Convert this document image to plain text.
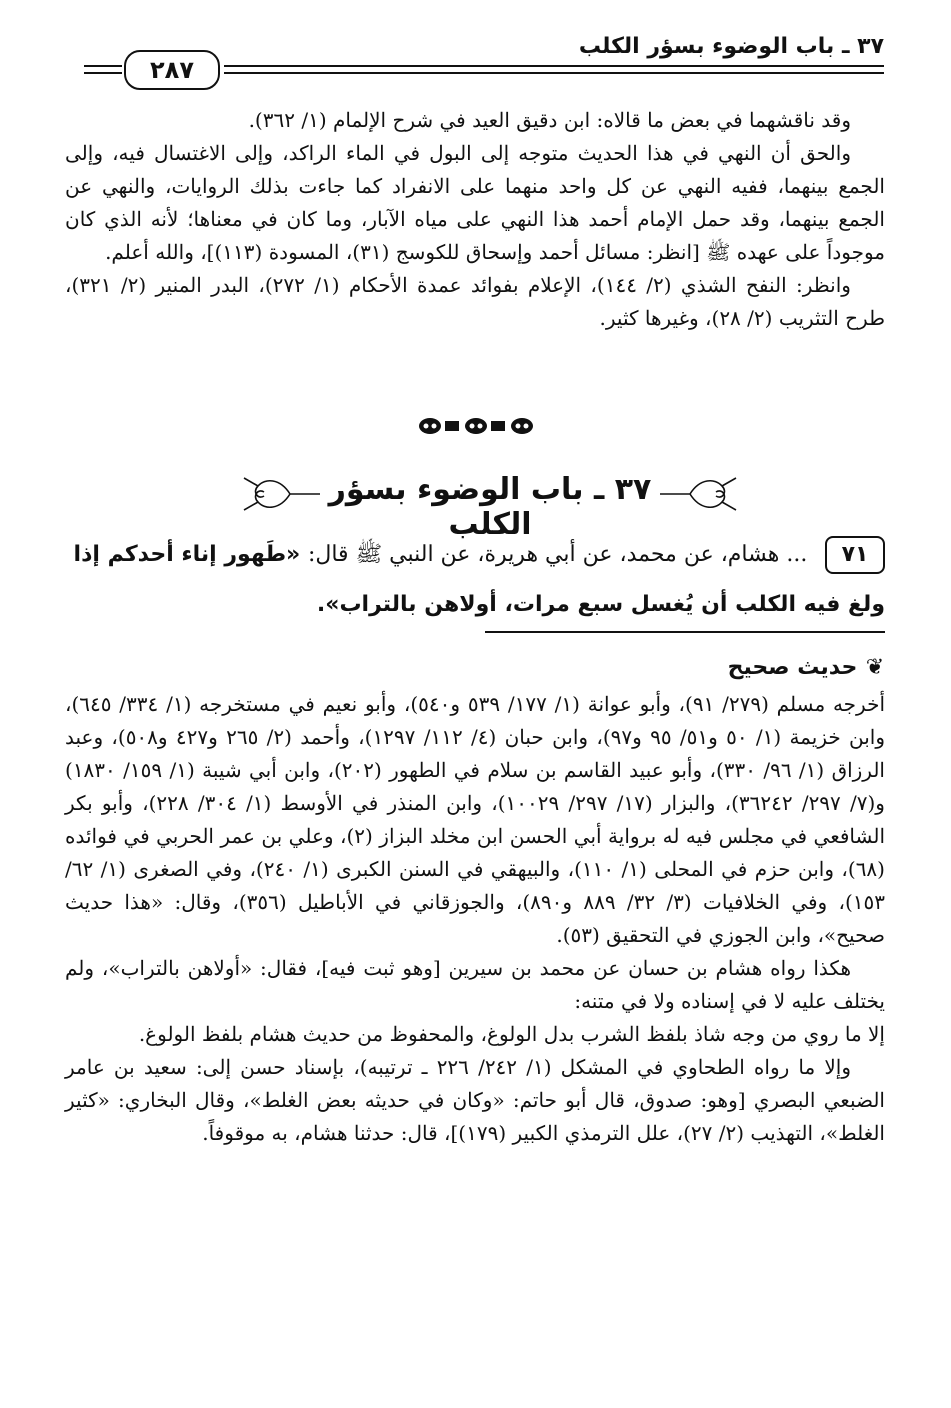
٣٧ ـ باب الوضوء بسؤر الكلب
٢٨٧

وقد ناقشهما في بعض ما قالاه: ابن دقيق العيد في شرح الإلمام (١/ ٣٦٢).

والحق أن النهي في هذا الحديث متوجه إلى البول في الماء الراكد، وإلى الاغتسال فيه، وإلى الجمع بينهما، ففيه النهي عن كل واحد منهما على الانفراد كما جاءت بذلك الروايات، والنهي عن الجمع بينهما، وقد حمل الإمام أحمد هذا النهي على مياه الآبار، وما كان في معناها؛ لأنه الذي كان موجوداً على عهده ﷺ [انظر: مسائل أحمد وإسحاق للكوسج (٣١)، المسودة (١١٣)]، والله أعلم.

وانظر: النفح الشذي (٢/ ١٤٤)، الإعلام بفوائد عمدة الأحكام (١/ ٢٧٢)، البدر المنير (٢/ ٣٢١)، طرح التثريب (٢/ ٢٨)، وغيرها كثير.

٣٧ ـ باب الوضوء بسؤر الكلب
٧١ ... هشام، عن محمد، عن أبي هريرة، عن النبي ﷺ قال: «طَهور إناء أحدكم إذا ولغ فيه الكلب أن يُغسل سبع مرات، أولاهن بالتراب».
❦ حديث صحيح

أخرجه مسلم (٢٧٩/ ٩١)، وأبو عوانة (١/ ١٧٧/ ٥٣٩ و٥٤٠)، وأبو نعيم في مستخرجه (١/ ٣٣٤/ ٦٤٥)، وابن خزيمة (١/ ٥٠ و٥١/ ٩٥ و٩٧)، وابن حبان (٤/ ١١٢/ ١٢٩٧)، وأحمد (٢/ ٢٦٥ و٤٢٧ و٥٠٨)، وعبد الرزاق (١/ ٩٦/ ٣٣٠)، وأبو عبيد القاسم بن سلام في الطهور (٢٠٢)، وابن أبي شيبة (١/ ١٥٩/ ١٨٣٠) و(٧/ ٢٩٧/ ٣٦٢٤٢)، والبزار (١٧/ ٢٩٧/ ١٠٠٢٩)، وابن المنذر في الأوسط (١/ ٣٠٤/ ٢٢٨)، وأبو بكر الشافعي في مجلس فيه له برواية أبي الحسن ابن مخلد البزاز (٢)، وعلي بن عمر الحربي في فوائده (٦٨)، وابن حزم في المحلى (١/ ١١٠)، والبيهقي في السنن الكبرى (١/ ٢٤٠)، وفي الصغرى (١/ ٦٢/ ١٥٣)، وفي الخلافيات (٣/ ٣٢/ ٨٨٩ و٨٩٠)، والجوزقاني في الأباطيل (٣٥٦)، وقال: «هذا حديث صحيح»، وابن الجوزي في التحقيق (٥٣).

هكذا رواه هشام بن حسان عن محمد بن سيرين [وهو ثبت فيه]، فقال: «أولاهن بالتراب»، ولم يختلف عليه لا في إسناده ولا في متنه:

إلا ما روي من وجه شاذ بلفظ الشرب بدل الولوغ، والمحفوظ من حديث هشام بلفظ الولوغ.

وإلا ما رواه الطحاوي في المشكل (١/ ٢٤٢/ ٢٢٦ ـ ترتيبه)، بإسناد حسن إلى: سعيد بن عامر الضبعي البصري [وهو: صدوق، قال أبو حاتم: «وكان في حديثه بعض الغلط»، وقال البخاري: «كثير الغلط»، التهذيب (٢/ ٢٧)، علل الترمذي الكبير (١٧٩)]، قال: حدثنا هشام، به موقوفاً.
